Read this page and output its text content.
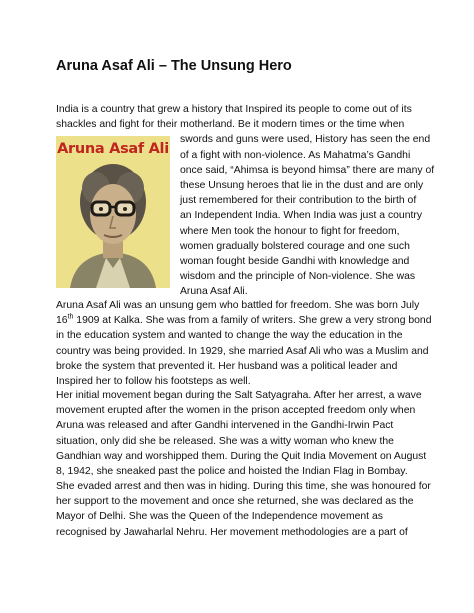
Aruna Asaf Ali – The Unsung Hero
India is a country that grew a history that Inspired its people to come out of its
shackles and fight for their motherland. Be it modern times or the time when
Aruna Asaf Ali
swords and guns were used, History has seen the end
of a fight with non-violence. As Mahatma’s Gandhi
once said, “Ahimsa is beyond himsa” there are many of
these Unsung heroes that lie in the dust and are only
just remembered for their contribution to the birth of
an Independent India. When India was just a country
where Men took the honour to fight for freedom,
women gradually bolstered courage and one such
woman fought beside Gandhi with knowledge and
wisdom and the principle of Non-violence. She was
Aruna Asaf Ali.
Aruna Asaf Ali was an unsung gem who battled for freedom. She was born July
16th 1909 at Kalka. She was from a family of writers. She grew a very strong bond
in the education system and wanted to change the way the education in the
country was being provided. In 1929, she married Asaf Ali who was a Muslim and
broke the system that prevented it. Her husband was a political leader and
Inspired her to follow his footsteps as well.
Her initial movement began during the Salt Satyagraha. After her arrest, a wave
movement erupted after the women in the prison accepted freedom only when
Aruna was released and after Gandhi intervened in the Gandhi-Irwin Pact
situation, only did she be released. She was a witty woman who knew the
Gandhian way and worshipped them. During the Quit India Movement on August
8, 1942, she sneaked past the police and hoisted the Indian Flag in Bombay.
She evaded arrest and then was in hiding. During this time, she was honoured for
her support to the movement and once she returned, she was declared as the
Mayor of Delhi. She was the Queen of the Independence movement as
recognised by Jawaharlal Nehru. Her movement methodologies are a part of
